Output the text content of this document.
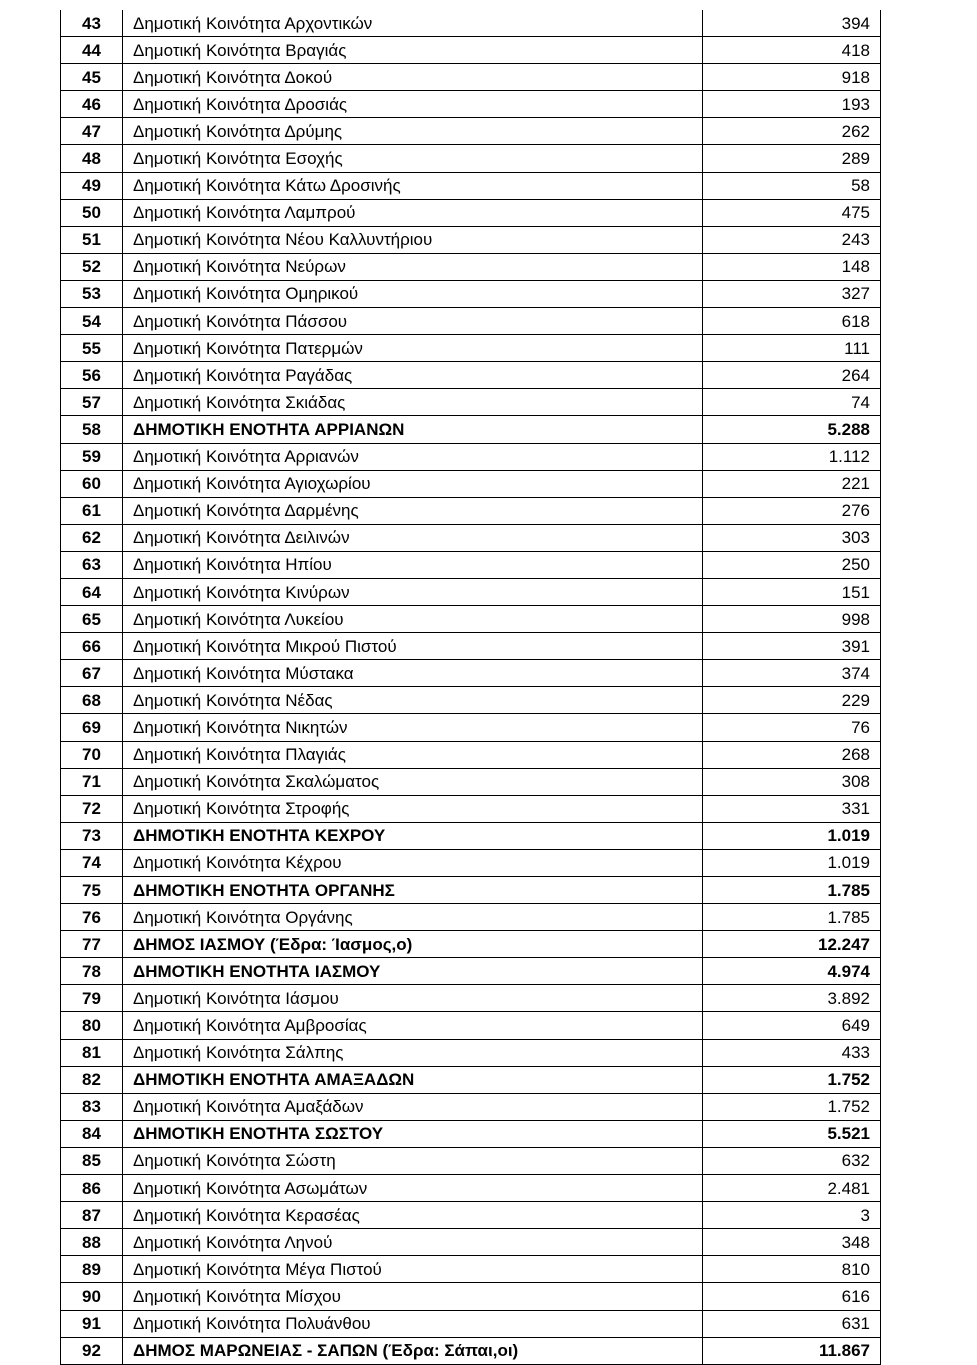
43	Δημοτική Κοινότητα Αρχοντικών	394
44	Δημοτική Κοινότητα Βραγιάς	418
45	Δημοτική Κοινότητα Δοκού	918
46	Δημοτική Κοινότητα Δροσιάς	193
47	Δημοτική Κοινότητα Δρύμης	262
48	Δημοτική Κοινότητα Εσοχής	289
49	Δημοτική Κοινότητα Κάτω Δροσινής	58
50	Δημοτική Κοινότητα Λαμπρού	475
51	Δημοτική Κοινότητα Νέου Καλλυντήριου	243
52	Δημοτική Κοινότητα Νεύρων	148
53	Δημοτική Κοινότητα Ομηρικού	327
54	Δημοτική Κοινότητα Πάσσου	618
55	Δημοτική Κοινότητα Πατερμών	111
56	Δημοτική Κοινότητα Ραγάδας	264
57	Δημοτική Κοινότητα Σκιάδας	74
58	ΔΗΜΟΤΙΚΗ ΕΝΟΤΗΤΑ ΑΡΡΙΑΝΩΝ	5.288
59	Δημοτική Κοινότητα Αρριανών	1.112
60	Δημοτική Κοινότητα Αγιοχωρίου	221
61	Δημοτική Κοινότητα Δαρμένης	276
62	Δημοτική Κοινότητα Δειλινών	303
63	Δημοτική Κοινότητα Ηπίου	250
64	Δημοτική Κοινότητα Κινύρων	151
65	Δημοτική Κοινότητα Λυκείου	998
66	Δημοτική Κοινότητα Μικρού Πιστού	391
67	Δημοτική Κοινότητα Μύστακα	374
68	Δημοτική Κοινότητα Νέδας	229
69	Δημοτική Κοινότητα Νικητών	76
70	Δημοτική Κοινότητα Πλαγιάς	268
71	Δημοτική Κοινότητα Σκαλώματος	308
72	Δημοτική Κοινότητα Στροφής	331
73	ΔΗΜΟΤΙΚΗ ΕΝΟΤΗΤΑ ΚΕΧΡΟΥ	1.019
74	Δημοτική Κοινότητα Κέχρου	1.019
75	ΔΗΜΟΤΙΚΗ ΕΝΟΤΗΤΑ ΟΡΓΑΝΗΣ	1.785
76	Δημοτική Κοινότητα Οργάνης	1.785
77	ΔΗΜΟΣ ΙΑΣΜΟΥ (Έδρα: Ίασμος,ο)	12.247
78	ΔΗΜΟΤΙΚΗ ΕΝΟΤΗΤΑ ΙΑΣΜΟΥ	4.974
79	Δημοτική Κοινότητα Ιάσμου	3.892
80	Δημοτική Κοινότητα Αμβροσίας	649
81	Δημοτική Κοινότητα Σάλπης	433
82	ΔΗΜΟΤΙΚΗ ΕΝΟΤΗΤΑ ΑΜΑΞΑΔΩΝ	1.752
83	Δημοτική Κοινότητα Αμαξάδων	1.752
84	ΔΗΜΟΤΙΚΗ ΕΝΟΤΗΤΑ ΣΩΣΤΟΥ	5.521
85	Δημοτική Κοινότητα Σώστη	632
86	Δημοτική Κοινότητα Ασωμάτων	2.481
87	Δημοτική Κοινότητα Κερασέας	3
88	Δημοτική Κοινότητα Ληνού	348
89	Δημοτική Κοινότητα Μέγα Πιστού	810
90	Δημοτική Κοινότητα Μίσχου	616
91	Δημοτική Κοινότητα Πολυάνθου	631
92	ΔΗΜΟΣ ΜΑΡΩΝΕΙΑΣ - ΣΑΠΩΝ (Έδρα: Σάπαι,οι)	11.867
